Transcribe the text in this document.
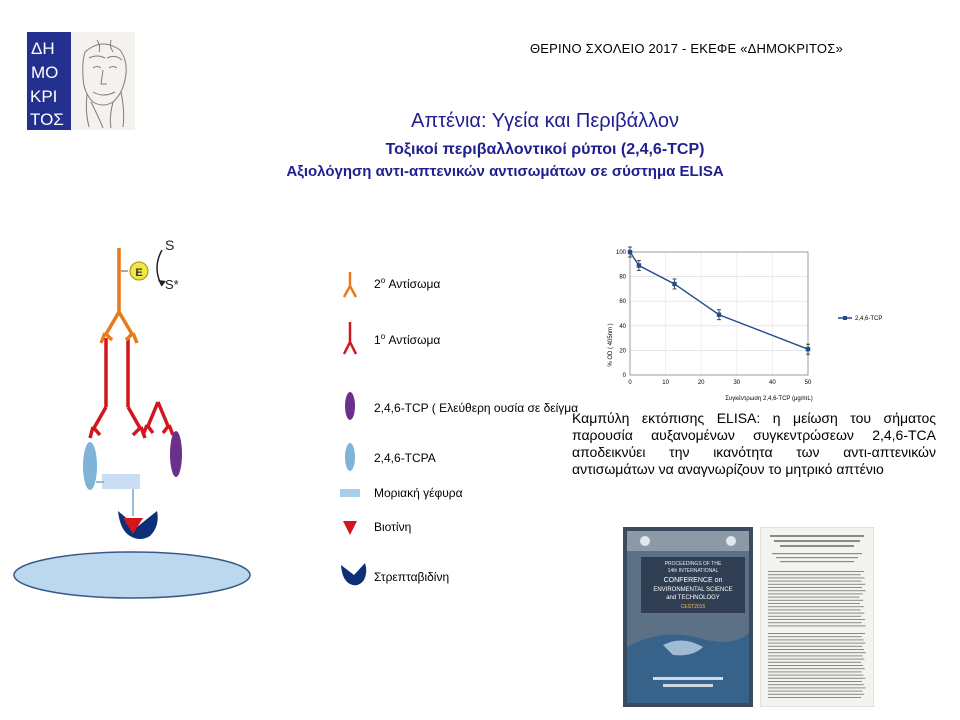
ΘΕΡΙΝΟ ΣΧΟΛΕΙΟ 2017 - ΕΚΕΦΕ «ΔΗΜΟΚΡΙΤΟΣ»
ΔΗ
ΜΟ
ΚΡΙ
ΤΟΣ	Απτένια: Υγεία και Περιβάλλον
Τοξικοί περιβαλλοντικοί ρύποι (2,4,6-TCP)
Αξιολόγηση αντι-απτενικών αντισωμάτων σε σύστημα ELISA
E
S
S*	2$^o$ Αντίσωμα
1$^o$ Αντίσωμα
2,4,6-TCP ( Ελεύθερη ουσία σε δείγμα)
2,4,6-TCPA
Μοριακή γέφυρα
Βιοτίνη
Στρεπταβιδίνη
0
20
40
60
80
100
0	10	20	30	40	50
% OD ( 405nm )
Συγκέντρωση 2,4,6-TCP (μg/mL)
2,4,6-TCP
Καμπύλη εκτόπισης ELISA: η μείωση του σήματος παρουσία αυξανομένων συγκεντρώσεων 2,4,6-TCA αποδεικνύει την ικανότητα των αντι-απτενικών αντισωμάτων να αναγνωρίζουν το μητρικό απτένιο
PROCEEDINGS OF THE
14th INTERNATIONAL
CONFERENCE on
ENVIRONMENTAL SCIENCE
and TECHNOLOGY
CEST2015
